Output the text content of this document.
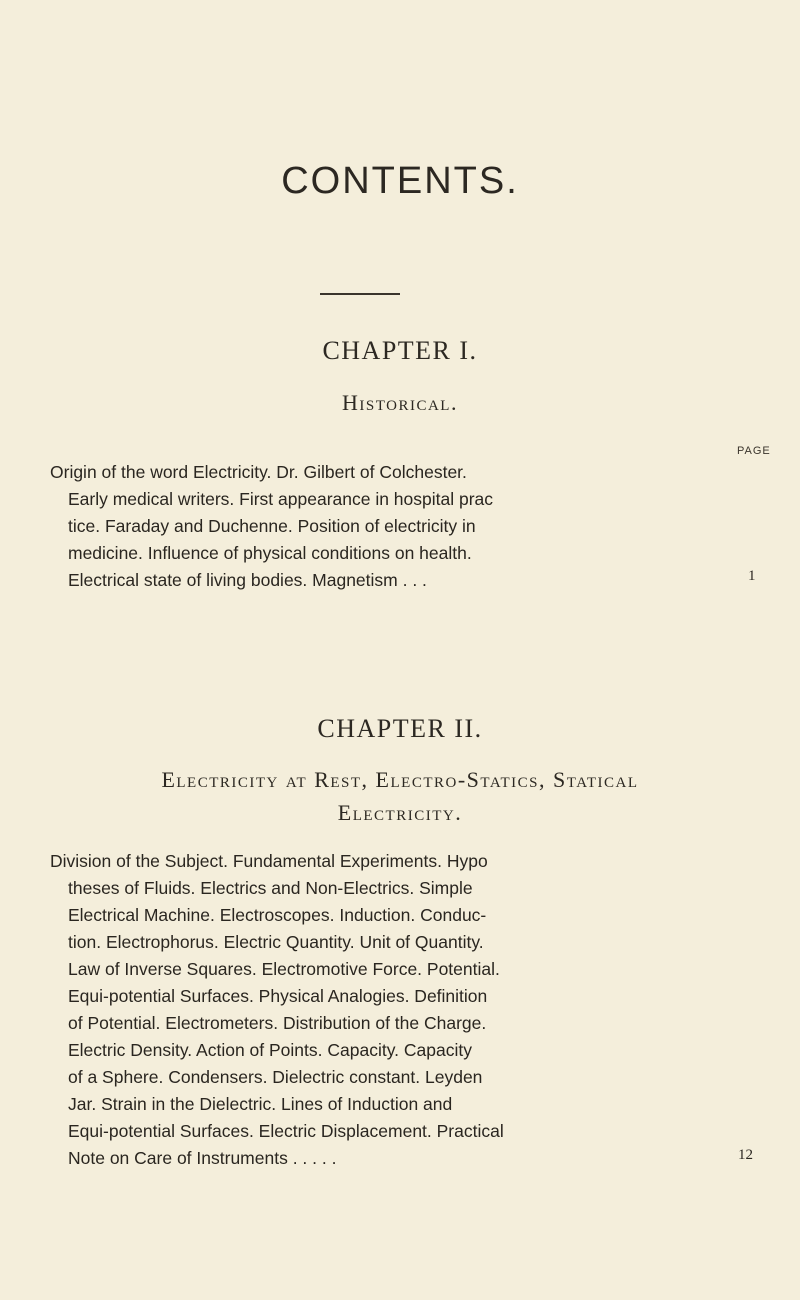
CONTENTS.
CHAPTER I.
Historical.
PAGE
Origin of the word Electricity. Dr. Gilbert of Colchester.
Early medical writers. First appearance in hospital prac
tice. Faraday and Duchenne. Position of electricity in
medicine. Influence of physical conditions on health.
Electrical state of living bodies. Magnetism . . .	1
CHAPTER II.
Electricity at Rest, Electro-Statics, Statical
Electricity.
Division of the Subject. Fundamental Experiments. Hypo
theses of Fluids. Electrics and Non-Electrics. Simple
Electrical Machine. Electroscopes. Induction. Conduc-
tion. Electrophorus. Electric Quantity. Unit of Quantity.
Law of Inverse Squares. Electromotive Force. Potential.
Equi-potential Surfaces. Physical Analogies. Definition
of Potential. Electrometers. Distribution of the Charge.
Electric Density. Action of Points. Capacity. Capacity
of a Sphere. Condensers. Dielectric constant. Leyden
Jar. Strain in the Dielectric. Lines of Induction and
Equi-potential Surfaces. Electric Displacement. Practical
Note on Care of Instruments . . . . .	12
